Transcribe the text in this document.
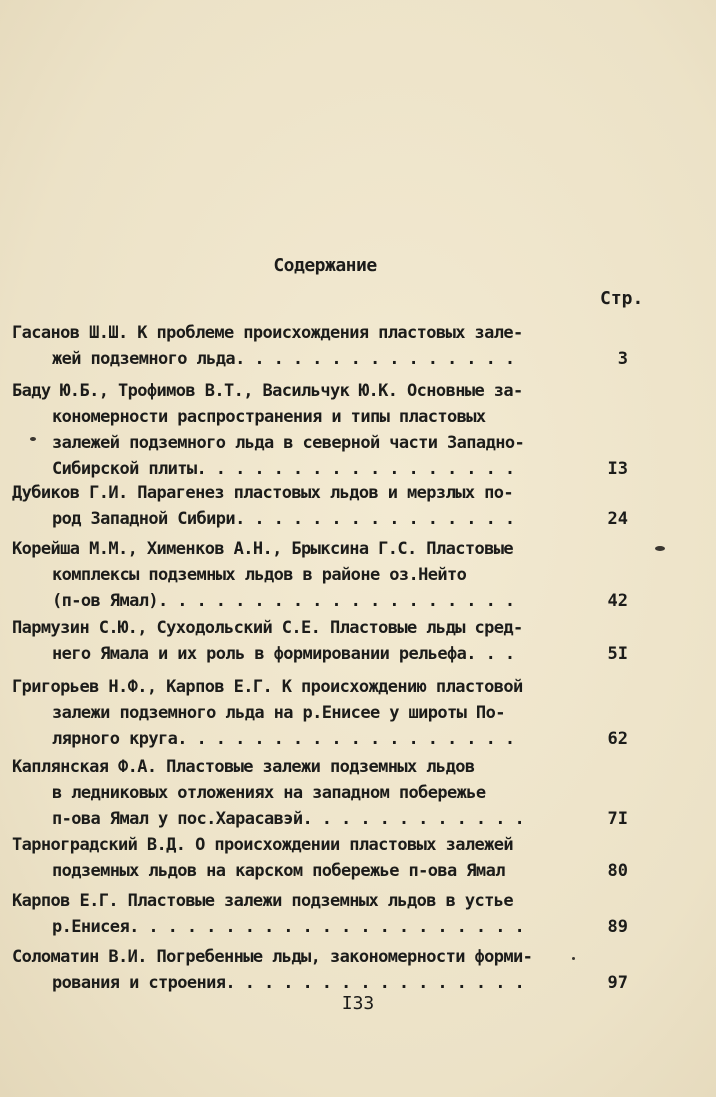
Содержание
Стр.
Гасанов Ш.Ш. К проблеме происхождения пластовых зале-
жей подземного льда. . . . . . . . . . . . . . .	3
Баду Ю.Б., Трофимов В.Т., Васильчук Ю.К. Основные за-
кономерности распространения и типы пластовых
залежей подземного льда в северной части Западно-
Сибирской плиты. . . . . . . . . . . . . . . . .	I3
Дубиков Г.И. Парагенез пластовых льдов и мерзлых по-
род Западной Сибири. . . . . . . . . . . . . . .	24
Корейша М.М., Хименков А.Н., Брыксина Г.С. Пластовые
комплексы подземных льдов в районе оз.Нейто
(п-ов Ямал). . . . . . . . . . . . . . . . . . .	42
Пармузин С.Ю., Суходольский С.Е. Пластовые льды сред-
него Ямала и их роль в формировании рельефа. . .	5I
Григорьев Н.Ф., Карпов Е.Г. К происхождению пластовой
залежи подземного льда на р.Енисее у широты По-
лярного круга. . . . . . . . . . . . . . . . . .	62
Каплянская Ф.А. Пластовые залежи подземных льдов
в ледниковых отложениях на западном побережье
п-ова Ямал у пос.Харасавэй. . . . . . . . . . . .	7I
Тарноградский В.Д. О происхождении пластовых залежей
подземных льдов на карском побережье п-ова Ямал	80
Карпов Е.Г. Пластовые залежи подземных льдов в устье
р.Енисея. . . . . . . . . . . . . . . . . . . . .	89
Соломатин В.И. Погребенные льды, закономерности форми-
рования и строения. . . . . . . . . . . . . . . .	97
I33
